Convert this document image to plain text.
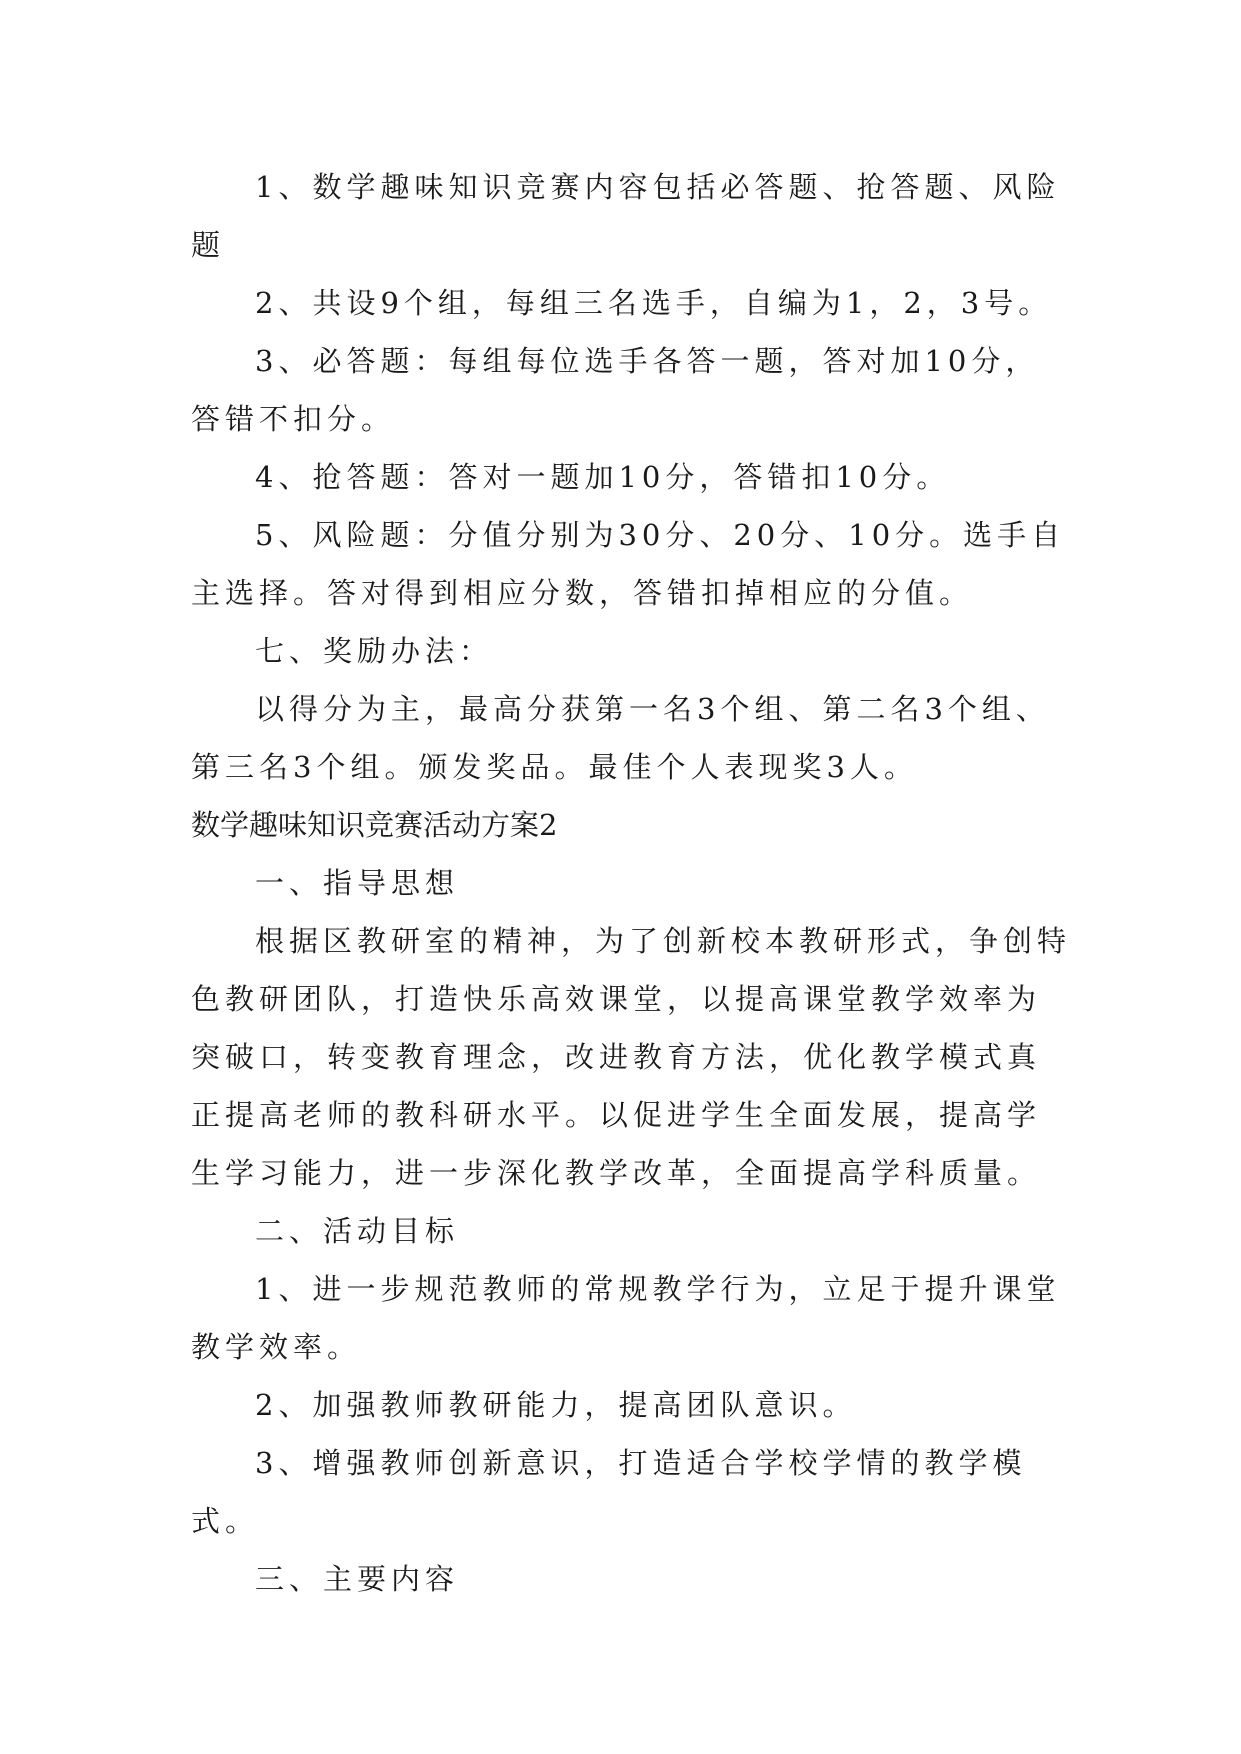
1、数学趣味知识竞赛内容包括必答题、抢答题、风险题

2、共设9个组，每组三名选手，自编为1，2，3号。

3、必答题：每组每位选手各答一题，答对加10分，答错不扣分。

4、抢答题：答对一题加10分，答错扣10分。

5、风险题：分值分别为30分、20分、10分。选手自主选择。答对得到相应分数，答错扣掉相应的分值。

七、奖励办法：

以得分为主，最高分获第一名3个组、第二名3个组、第三名3个组。颁发奖品。最佳个人表现奖3人。

数学趣味知识竞赛活动方案2

一、指导思想

根据区教研室的精神，为了创新校本教研形式，争创特色教研团队，打造快乐高效课堂，以提高课堂教学效率为突破口，转变教育理念，改进教育方法，优化教学模式真正提高老师的教科研水平。以促进学生全面发展，提高学生学习能力，进一步深化教学改革，全面提高学科质量。

二、活动目标

1、进一步规范教师的常规教学行为，立足于提升课堂教学效率。

2、加强教师教研能力，提高团队意识。

3、增强教师创新意识，打造适合学校学情的教学模式。

三、主要内容
